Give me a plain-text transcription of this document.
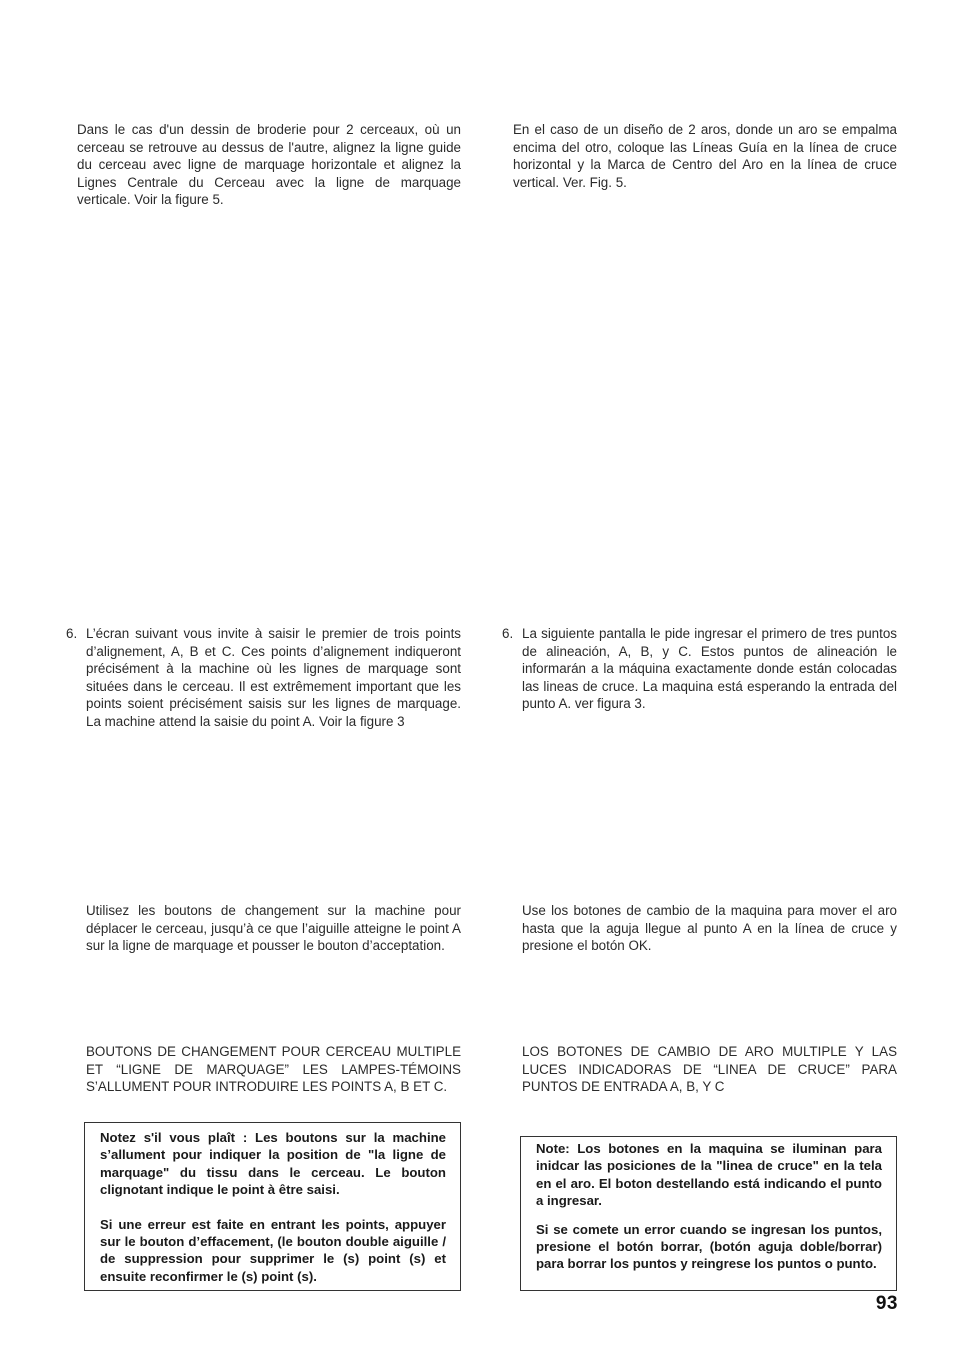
Dans le cas d'un dessin de broderie pour 2 cerceaux, où un cerceau se retrouve au dessus de l'autre, alignez la ligne guide du cerceau avec ligne de marquage horizontale et alignez la Lignes Centrale du Cerceau avec la ligne de marquage verticale. Voir la figure 5.

6. L’écran suivant vous invite à saisir le premier de trois points d’alignement, A, B et C. Ces points d’alignement indiqueront précisément à la machine où les lignes de marquage sont situées dans le cerceau. Il est extrêmement important que les points soient précisément saisis sur les lignes de marquage. La machine attend la saisie du point A. Voir la figure 3

Utilisez les boutons de changement sur la machine pour déplacer le cerceau, jusqu’à ce que l’aiguille atteigne le point A sur la ligne de marquage et pousser le bouton d’acceptation.

BOUTONS DE CHANGEMENT POUR CERCEAU MULTIPLE ET “LIGNE DE MARQUAGE” LES LAMPES-TÉMOINS S’ALLUMENT POUR INTRODUIRE LES POINTS A, B ET C.

Notez s'il vous plaît : Les boutons sur la machine s’allument pour indiquer la position de "la ligne de marquage" du tissu dans le cerceau. Le bouton clignotant indique le point à être saisi.

Si une erreur est faite en entrant les points, appuyer sur le bouton d’effacement, (le bouton double aiguille / de suppression pour supprimer le (s) point (s) et ensuite reconfirmer le (s) point (s).

En el caso de un diseño de 2 aros, donde un aro se empalma encima del otro, coloque las Líneas Guía en la línea de cruce horizontal y la Marca de Centro del Aro en la línea de cruce vertical. Ver. Fig. 5.

6. La siguiente pantalla le pide ingresar el primero de tres puntos de alineación, A, B, y C. Estos puntos de alineación le informarán a la máquina exactamente donde están colocadas las lineas de cruce. La maquina está esperando la entrada del punto A. ver figura 3.

Use los botones de cambio de la maquina para mover el aro hasta que la aguja llegue al punto A en la línea de cruce y presione el botón OK.

LOS BOTONES DE CAMBIO DE ARO MULTIPLE Y LAS LUCES INDICADORAS DE “LINEA DE CRUCE” PARA PUNTOS DE ENTRADA A, B, Y C

Note: Los botones en la maquina se iluminan para inidcar las posiciones de la "linea de cruce" en la tela en el aro. El boton destellando está indicando el punto a ingresar.

Si se comete un error cuando se ingresan los puntos, presione el botón borrar, (botón aguja doble/borrar) para borrar los puntos y reingrese los puntos o punto.

93
